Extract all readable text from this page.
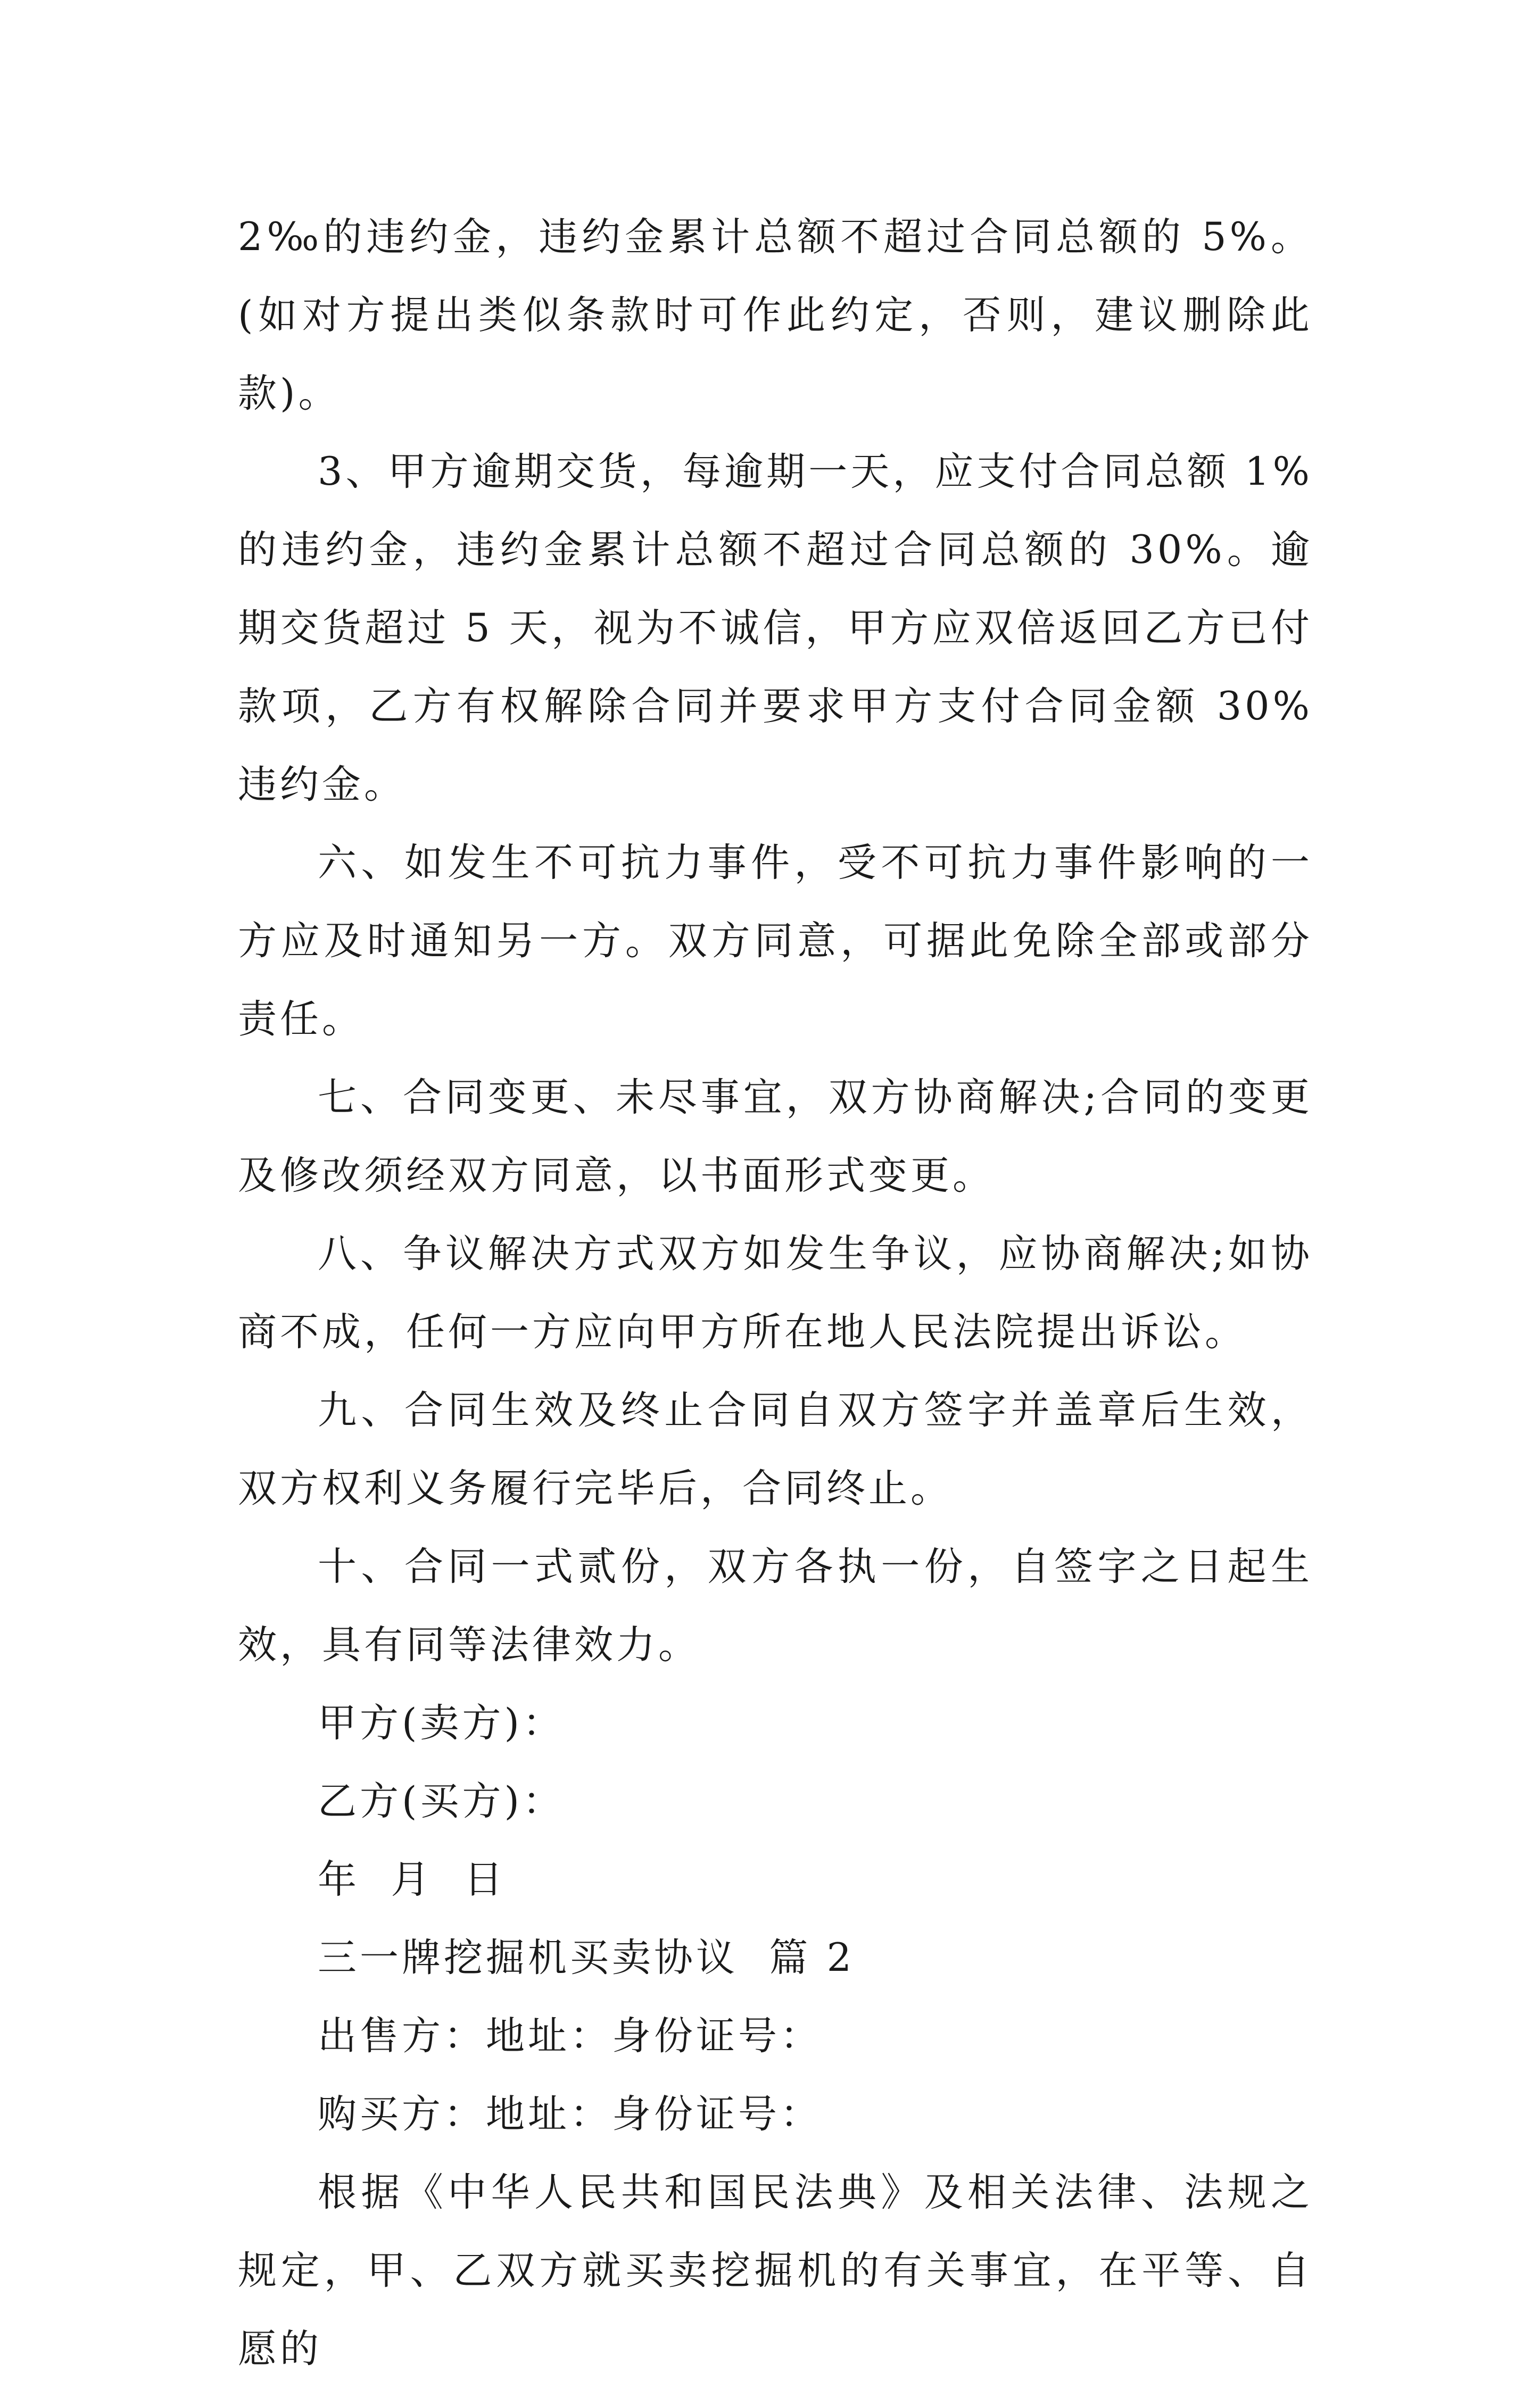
2‰的违约金，违约金累计总额不超过合同总额的 5%。(如对方提出类似条款时可作此约定，否则，建议删除此款)。

3、甲方逾期交货，每逾期一天，应支付合同总额 1%的违约金，违约金累计总额不超过合同总额的 30%。逾期交货超过 5 天，视为不诚信，甲方应双倍返回乙方已付款项，乙方有权解除合同并要求甲方支付合同金额 30%违约金。

六、如发生不可抗力事件，受不可抗力事件影响的一方应及时通知另一方。双方同意，可据此免除全部或部分责任。

七、合同变更、未尽事宜，双方协商解决;合同的变更及修改须经双方同意，以书面形式变更。

八、争议解决方式双方如发生争议，应协商解决;如协商不成，任何一方应向甲方所在地人民法院提出诉讼。

九、合同生效及终止合同自双方签字并盖章后生效，双方权利义务履行完毕后，合同终止。

十、合同一式贰份，双方各执一份，自签字之日起生效，具有同等法律效力。

甲方(卖方)：

乙方(买方)：

年  月  日

三一牌挖掘机买卖协议  篇 2

出售方：地址：身份证号：

购买方：地址：身份证号：

根据《中华人民共和国民法典》及相关法律、法规之规定，甲、乙双方就买卖挖掘机的有关事宜，在平等、自愿的
